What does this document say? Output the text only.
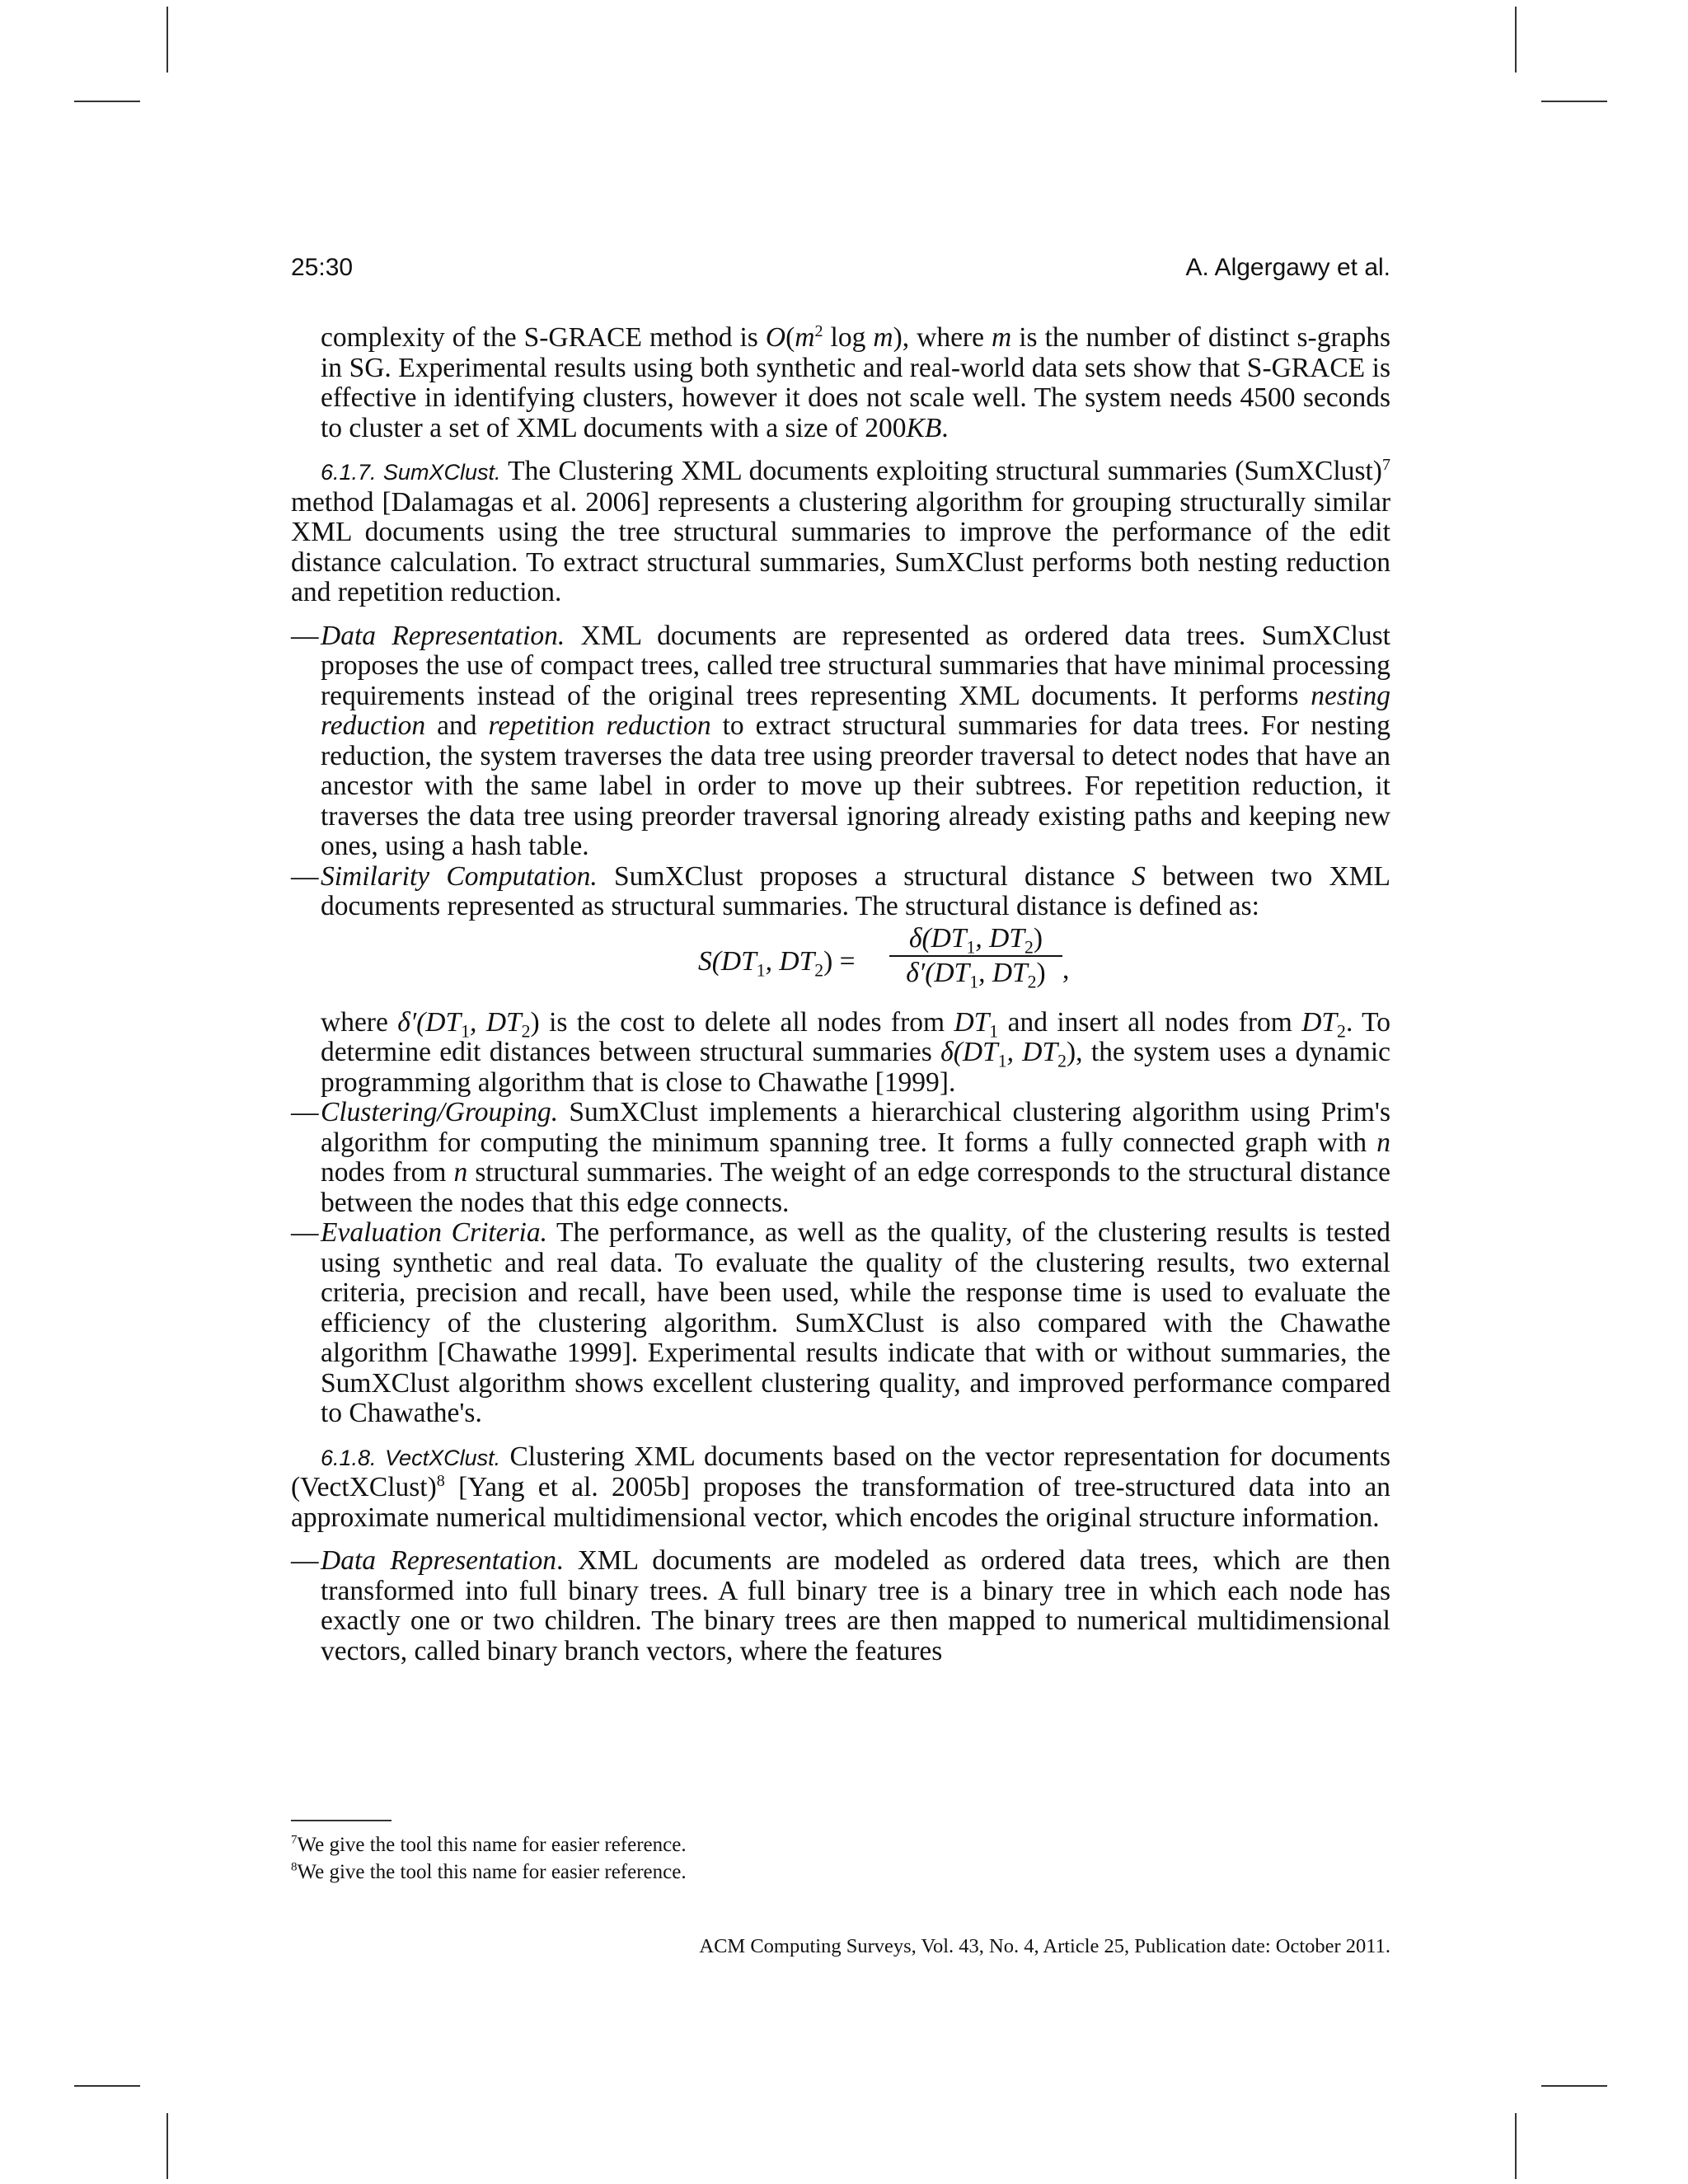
25:30	A. Algergawy et al.

complexity of the S-GRACE method is $O(m^2$ log m), where m is the number of distinct s-graphs in SG. Experimental results using both synthetic and real-world data sets show that S-GRACE is effective in identifying clusters, however it does not scale well. The system needs 4500 seconds to cluster a set of XML documents with a size of 200KB.

6.1.7. SumXClust. The Clustering XML documents exploiting structural summaries (SumXClust)$^7$ method [Dalamagas et al. 2006] represents a clustering algorithm for grouping structurally similar XML documents using the tree structural summaries to improve the performance of the edit distance calculation. To extract structural summaries, SumXClust performs both nesting reduction and repetition reduction.

—
Data Representation. XML documents are represented as ordered data trees. SumXClust proposes the use of compact trees, called tree structural summaries that have minimal processing requirements instead of the original trees representing XML documents. It performs nesting reduction and repetition reduction to extract structural summaries for data trees. For nesting reduction, the system traverses the data tree using preorder traversal to detect nodes that have an ancestor with the same label in order to move up their subtrees. For repetition reduction, it traverses the data tree using preorder traversal ignoring already existing paths and keeping new ones, using a hash table.
—
Similarity Computation. SumXClust proposes a structural distance S between two XML documents represented as structural summaries. The structural distance is defined as:
$S(DT_1$, $DT_2) = \frac{\delta(DT_1, DT_2)}{\delta'(DT_1, DT_2)}$ ,
where $\delta'(DT_1$, $DT_2$) is the cost to delete all nodes from $DT_1$ and insert all nodes from $DT_2$. To determine edit distances between structural summaries $\delta(DT_1$, $DT_2$), the system uses a dynamic programming algorithm that is close to Chawathe [1999].
—
Clustering/Grouping. SumXClust implements a hierarchical clustering algorithm using Prim's algorithm for computing the minimum spanning tree. It forms a fully connected graph with n nodes from n structural summaries. The weight of an edge corresponds to the structural distance between the nodes that this edge connects.
—
Evaluation Criteria. The performance, as well as the quality, of the clustering results is tested using synthetic and real data. To evaluate the quality of the clustering results, two external criteria, precision and recall, have been used, while the response time is used to evaluate the efficiency of the clustering algorithm. SumXClust is also compared with the Chawathe algorithm [Chawathe 1999]. Experimental results indicate that with or without summaries, the SumXClust algorithm shows excellent clustering quality, and improved performance compared to Chawathe's.

6.1.8. VectXClust. Clustering XML documents based on the vector representation for documents (VectXClust)$^8$ [Yang et al. 2005b] proposes the transformation of tree-structured data into an approximate numerical multidimensional vector, which encodes the original structure information.

—
Data Representation. XML documents are modeled as ordered data trees, which are then transformed into full binary trees. A full binary tree is a binary tree in which each node has exactly one or two children. The binary trees are then mapped to numerical multidimensional vectors, called binary branch vectors, where the features
$^7$We give the tool this name for easier reference.
$^8$We give the tool this name for easier reference.
ACM Computing Surveys, Vol. 43, No. 4, Article 25, Publication date: October 2011.
